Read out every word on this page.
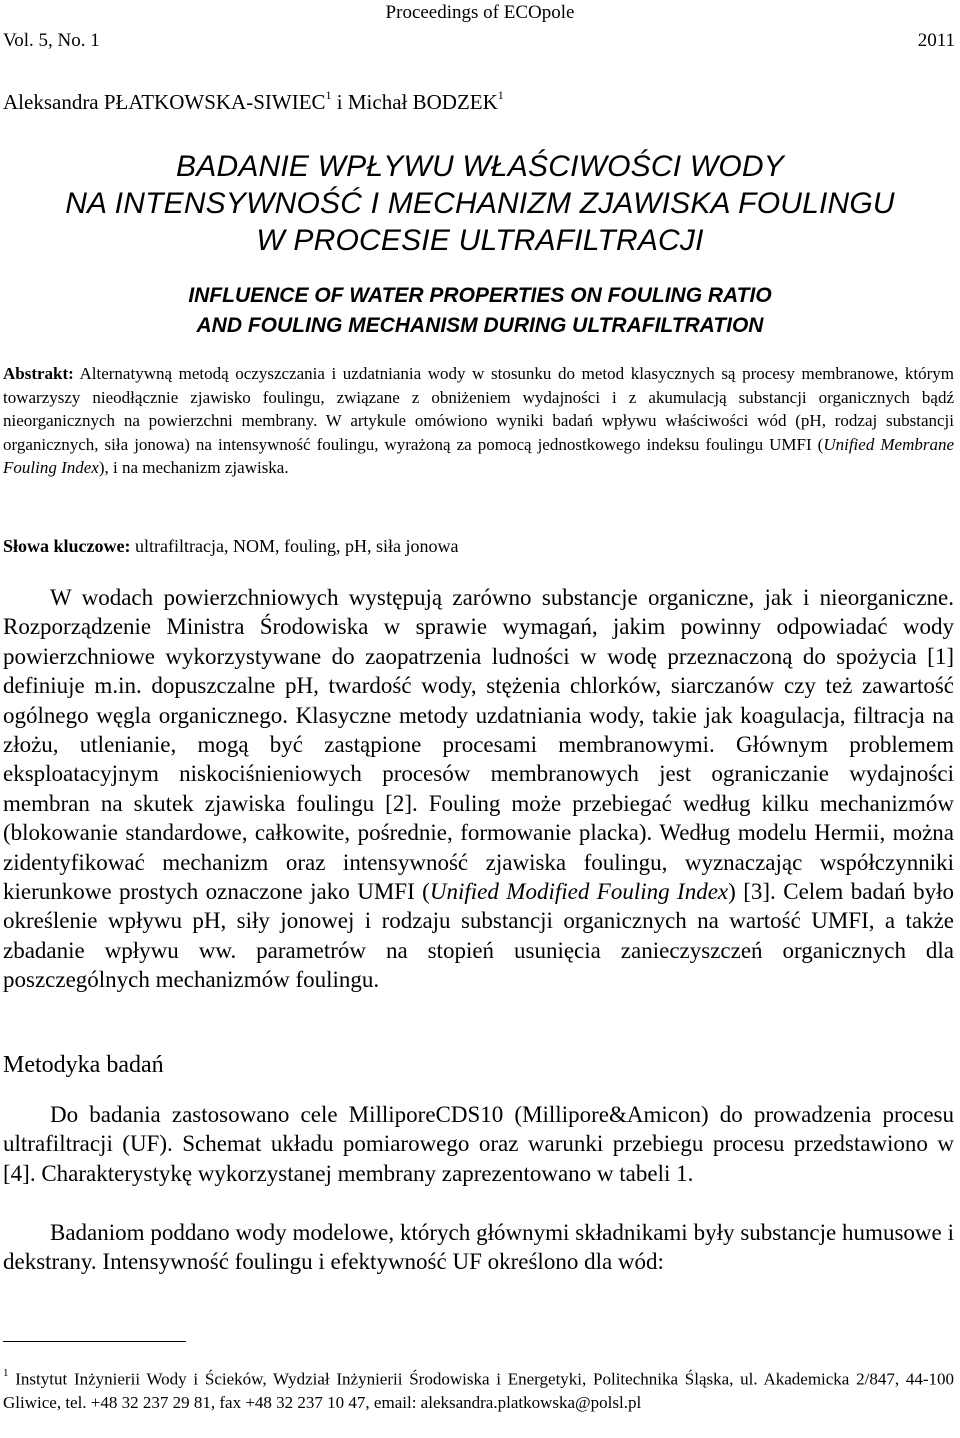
Proceedings of ECOpole
Vol. 5, No. 1	2011
Aleksandra PŁATKOWSKA-SIWIEC$^1$ i Michał BODZEK$^1$
BADANIE WPŁYWU WŁAŚCIWOŚCI WODY
NA INTENSYWNOŚĆ I MECHANIZM ZJAWISKA FOULINGU
W PROCESIE ULTRAFILTRACJI
INFLUENCE OF WATER PROPERTIES ON FOULING RATIO
AND FOULING MECHANISM DURING ULTRAFILTRATION
Abstrakt: Alternatywną metodą oczyszczania i uzdatniania wody w stosunku do metod klasycznych są procesy membranowe, którym towarzyszy nieodłącznie zjawisko foulingu, związane z obniżeniem wydajności i z akumulacją substancji organicznych bądź nieorganicznych na powierzchni membrany. W artykule omówiono wyniki badań wpływu właściwości wód (pH, rodzaj substancji organicznych, siła jonowa) na intensywność foulingu, wyrażoną za pomocą jednostkowego indeksu foulingu UMFI (Unified Membrane Fouling Index), i na mechanizm zjawiska.
Słowa kluczowe: ultrafiltracja, NOM, fouling, pH, siła jonowa
W wodach powierzchniowych występują zarówno substancje organiczne, jak i nieorganiczne. Rozporządzenie Ministra Środowiska w sprawie wymagań, jakim powinny odpowiadać wody powierzchniowe wykorzystywane do zaopatrzenia ludności w wodę przeznaczoną do spożycia [1] definiuje m.in. dopuszczalne pH, twardość wody, stężenia chlorków, siarczanów czy też zawartość ogólnego węgla organicznego. Klasyczne metody uzdatniania wody, takie jak koagulacja, filtracja na złożu, utlenianie, mogą być zastąpione procesami membranowymi. Głównym problemem eksploatacyjnym niskociśnieniowych procesów membranowych jest ograniczanie wydajności membran na skutek zjawiska foulingu [2]. Fouling może przebiegać według kilku mechanizmów (blokowanie standardowe, całkowite, pośrednie, formowanie placka). Według modelu Hermii, można zidentyfikować mechanizm oraz intensywność zjawiska foulingu, wyznaczając współczynniki kierunkowe prostych oznaczone jako UMFI (Unified Modified Fouling Index) [3]. Celem badań było określenie wpływu pH, siły jonowej i rodzaju substancji organicznych na wartość UMFI, a także zbadanie wpływu ww. parametrów na stopień usunięcia zanieczyszczeń organicznych dla poszczególnych mechanizmów foulingu.
Metodyka badań
Do badania zastosowano cele MilliporeCDS10 (Millipore&Amicon) do prowadzenia procesu ultrafiltracji (UF). Schemat układu pomiarowego oraz warunki przebiegu procesu przedstawiono w [4]. Charakterystykę wykorzystanej membrany zaprezentowano w tabeli 1.
Badaniom poddano wody modelowe, których głównymi składnikami były substancje humusowe i dekstrany. Intensywność foulingu i efektywność UF określono dla wód:
$^1$ Instytut Inżynierii Wody i Ścieków, Wydział Inżynierii Środowiska i Energetyki, Politechnika Śląska, ul. Akademicka 2/847, 44-100 Gliwice, tel. +48 32 237 29 81, fax +48 32 237 10 47, email: aleksandra.platkowska@polsl.pl
